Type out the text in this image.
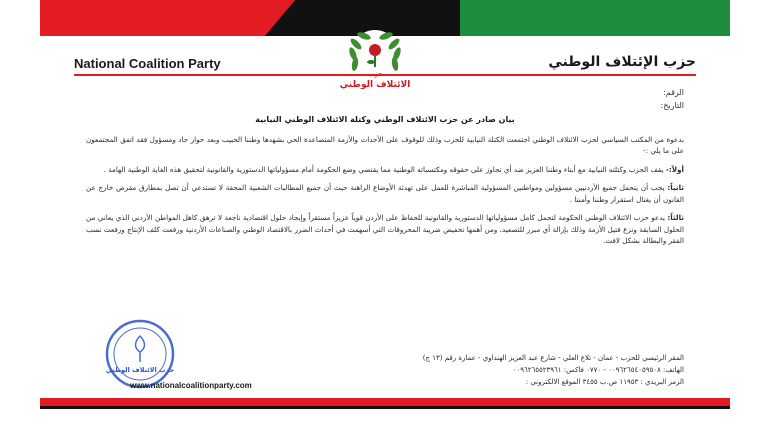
الائتلاف الوطني
National Coalition Party	حزب الإئتلاف الوطني
الرقم:
التاريخ:
بيان صادر عن حزب الائتلاف الوطني وكتلة الائتلاف الوطني النيابية

بدعوة من المكتب السياسي لحزب الائتلاف الوطني اجتمعت الكتلة النيابية للحزب وذلك للوقوف على الأحداث والأزمة المتصاعدة الحي بشهدها وطننا الحبيب وبعد حوار جاد ومسؤول فقد اتفق المجتمعون على ما يلي :-

أولاً:- يقف الحزب وكتلته النيابية مع أبناء وطننا العزيز ضد أي تجاوز على حقوقه ومكتسباته الوطنية مما يقتضي وضع الحكومة أمام مسؤولياتها الدستورية والقانونية لتحقيق هذه الغاية الوطنية الهامة .

ثانياً: يجب أن يتحمل جميع الأردنيين مسؤولين ومواطنين المسؤولية المباشرة للعمل على تهدئة الأوضاع الراهنة حيث أن جميع المطالبات الشعبية المحقة لا تستدعي أن تصل بمطارق مقرض خارج عن القانون أن يغتال استقرار وطننا وأمننا .

ثالثاً: يدعو حزب الائتلاف الوطني الحكومة لتحمل كامل مسؤولياتها الدستورية والقانونية للحفاظ على الأردن قوياً عزيزاً مستقراً وإيجاد حلول اقتصادية ناجعة لا ترهق كاهل المواطن الأردني الذي يعاني من الحلول السابقة ونزع فتيل الأزمة وذلك بإزالة أي مبرر للتصعيد، ومن أهمها تخفيض ضريبة المحروقات التي أسهمت في أحداث الضرر بالاقتصاد الوطني والصناعات الأردنية ورفعت كلف الإنتاج ورفعت نسب الفقر والبطالة بشكل لافت.

حزب الائتلاف الوطني
المقر الرئيسي للحزب - عمان - تلاع العلي - شارع عبد العزيز الهنداوي - عمارة رقم (١٣ ج)
الهاتف: ٠٠٩٦٢٦٥٤٠٥٩٥٠٨ - ٠٧٧٠ فاكس: ٠٠٩٦٢٦٥٥٢٣٩٦١
الرمز البريدي : ١١٩٥٣ ص.ب ٣٤٥٥ الموقع الالكتروني :
www.nationalcoalitionparty.com
